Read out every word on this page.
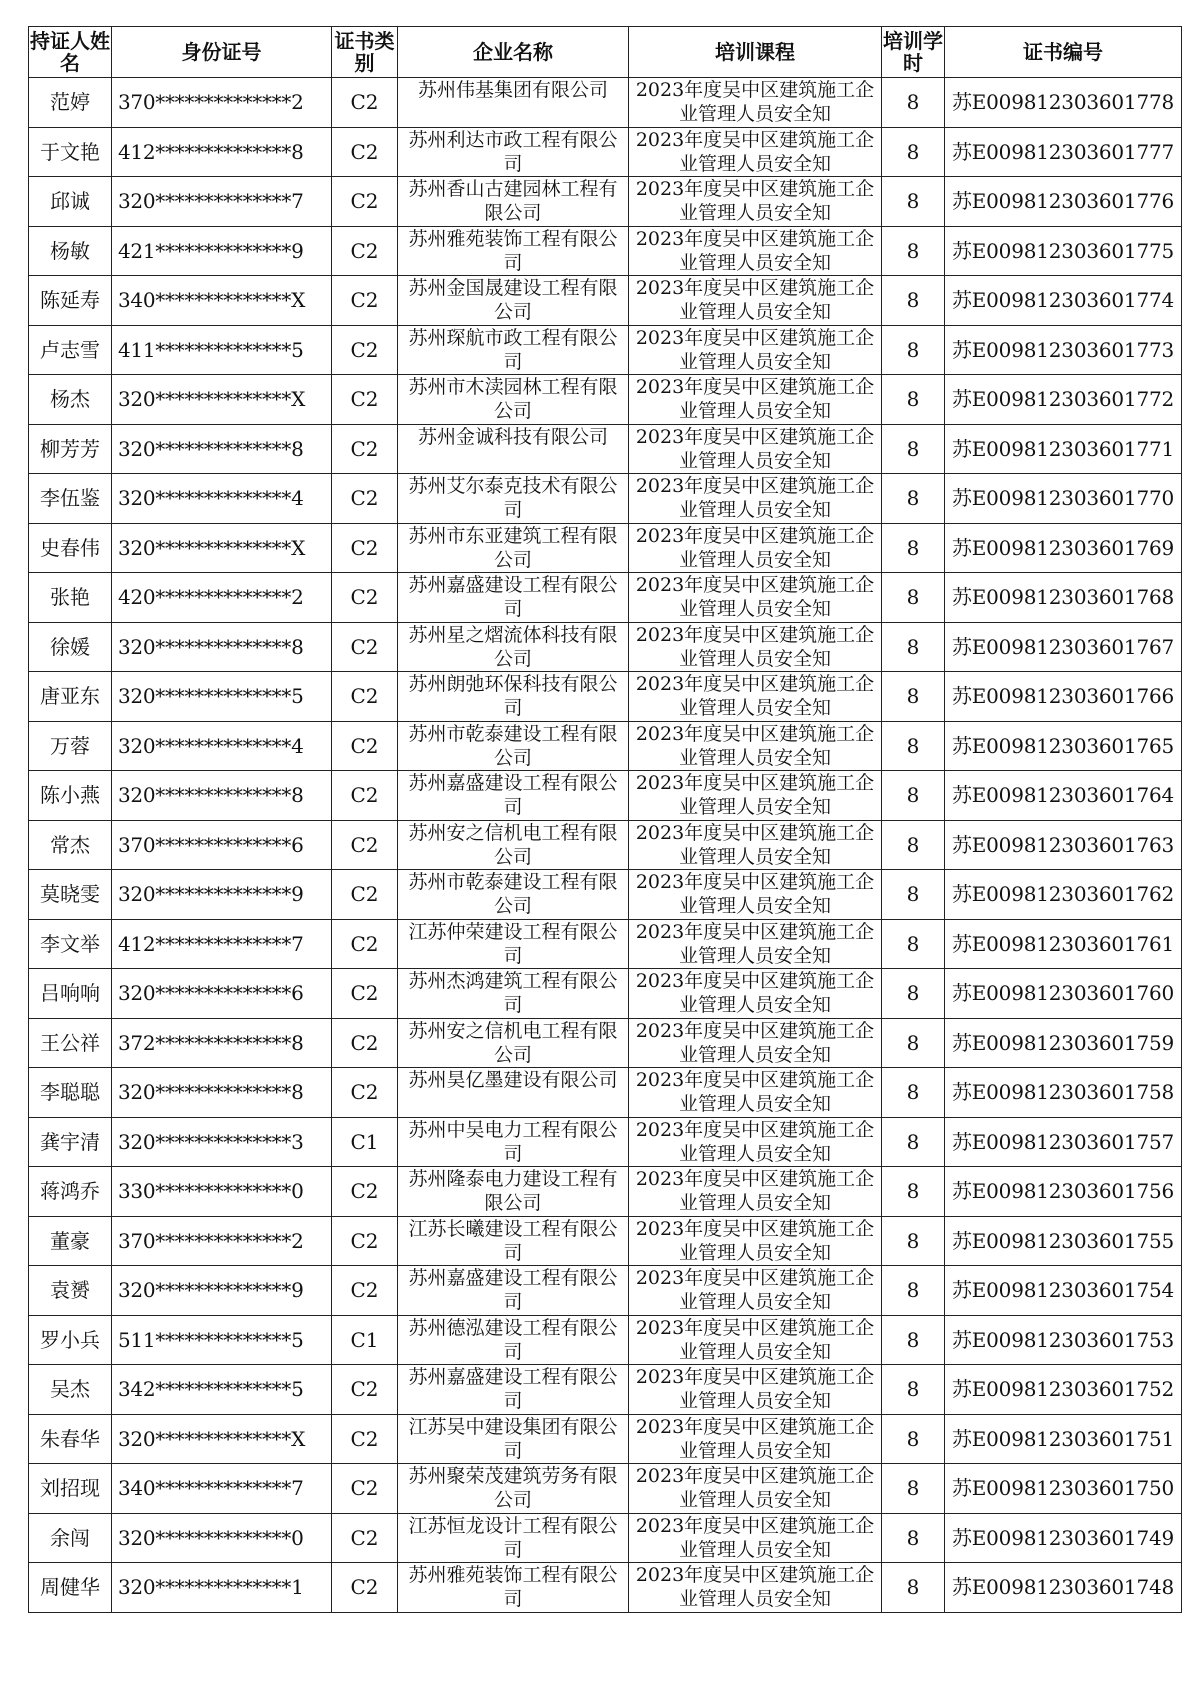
持证人姓名	身份证号	证书类别	企业名称	培训课程	培训学时	证书编号
范婷	370**************2	C2	苏州伟基集团有限公司	2023年度吴中区建筑施工企业管理人员安全知	8	苏E009812303601778
于文艳	412**************8	C2	苏州利达市政工程有限公司	2023年度吴中区建筑施工企业管理人员安全知	8	苏E009812303601777
邱诚	320**************7	C2	苏州香山古建园林工程有限公司	2023年度吴中区建筑施工企业管理人员安全知	8	苏E009812303601776
杨敏	421**************9	C2	苏州雅苑装饰工程有限公司	2023年度吴中区建筑施工企业管理人员安全知	8	苏E009812303601775
陈延寿	340**************X	C2	苏州金国晟建设工程有限公司	2023年度吴中区建筑施工企业管理人员安全知	8	苏E009812303601774
卢志雪	411**************5	C2	苏州琛航市政工程有限公司	2023年度吴中区建筑施工企业管理人员安全知	8	苏E009812303601773
杨杰	320**************X	C2	苏州市木渎园林工程有限公司	2023年度吴中区建筑施工企业管理人员安全知	8	苏E009812303601772
柳芳芳	320**************8	C2	苏州金诚科技有限公司	2023年度吴中区建筑施工企业管理人员安全知	8	苏E009812303601771
李伍鉴	320**************4	C2	苏州艾尔泰克技术有限公司	2023年度吴中区建筑施工企业管理人员安全知	8	苏E009812303601770
史春伟	320**************X	C2	苏州市东亚建筑工程有限公司	2023年度吴中区建筑施工企业管理人员安全知	8	苏E009812303601769
张艳	420**************2	C2	苏州嘉盛建设工程有限公司	2023年度吴中区建筑施工企业管理人员安全知	8	苏E009812303601768
徐媛	320**************8	C2	苏州星之熠流体科技有限公司	2023年度吴中区建筑施工企业管理人员安全知	8	苏E009812303601767
唐亚东	320**************5	C2	苏州朗弛环保科技有限公司	2023年度吴中区建筑施工企业管理人员安全知	8	苏E009812303601766
万蓉	320**************4	C2	苏州市乾泰建设工程有限公司	2023年度吴中区建筑施工企业管理人员安全知	8	苏E009812303601765
陈小燕	320**************8	C2	苏州嘉盛建设工程有限公司	2023年度吴中区建筑施工企业管理人员安全知	8	苏E009812303601764
常杰	370**************6	C2	苏州安之信机电工程有限公司	2023年度吴中区建筑施工企业管理人员安全知	8	苏E009812303601763
莫晓雯	320**************9	C2	苏州市乾泰建设工程有限公司	2023年度吴中区建筑施工企业管理人员安全知	8	苏E009812303601762
李文举	412**************7	C2	江苏仲荣建设工程有限公司	2023年度吴中区建筑施工企业管理人员安全知	8	苏E009812303601761
吕响响	320**************6	C2	苏州杰鸿建筑工程有限公司	2023年度吴中区建筑施工企业管理人员安全知	8	苏E009812303601760
王公祥	372**************8	C2	苏州安之信机电工程有限公司	2023年度吴中区建筑施工企业管理人员安全知	8	苏E009812303601759
李聪聪	320**************8	C2	苏州昊亿墨建设有限公司	2023年度吴中区建筑施工企业管理人员安全知	8	苏E009812303601758
龚宇清	320**************3	C1	苏州中吴电力工程有限公司	2023年度吴中区建筑施工企业管理人员安全知	8	苏E009812303601757
蒋鸿乔	330**************0	C2	苏州隆泰电力建设工程有限公司	2023年度吴中区建筑施工企业管理人员安全知	8	苏E009812303601756
董豪	370**************2	C2	江苏长曦建设工程有限公司	2023年度吴中区建筑施工企业管理人员安全知	8	苏E009812303601755
袁赟	320**************9	C2	苏州嘉盛建设工程有限公司	2023年度吴中区建筑施工企业管理人员安全知	8	苏E009812303601754
罗小兵	511**************5	C1	苏州德泓建设工程有限公司	2023年度吴中区建筑施工企业管理人员安全知	8	苏E009812303601753
吴杰	342**************5	C2	苏州嘉盛建设工程有限公司	2023年度吴中区建筑施工企业管理人员安全知	8	苏E009812303601752
朱春华	320**************X	C2	江苏吴中建设集团有限公司	2023年度吴中区建筑施工企业管理人员安全知	8	苏E009812303601751
刘招现	340**************7	C2	苏州聚荣茂建筑劳务有限公司	2023年度吴中区建筑施工企业管理人员安全知	8	苏E009812303601750
余闯	320**************0	C2	江苏恒龙设计工程有限公司	2023年度吴中区建筑施工企业管理人员安全知	8	苏E009812303601749
周健华	320**************1	C2	苏州雅苑装饰工程有限公司	2023年度吴中区建筑施工企业管理人员安全知	8	苏E009812303601748
